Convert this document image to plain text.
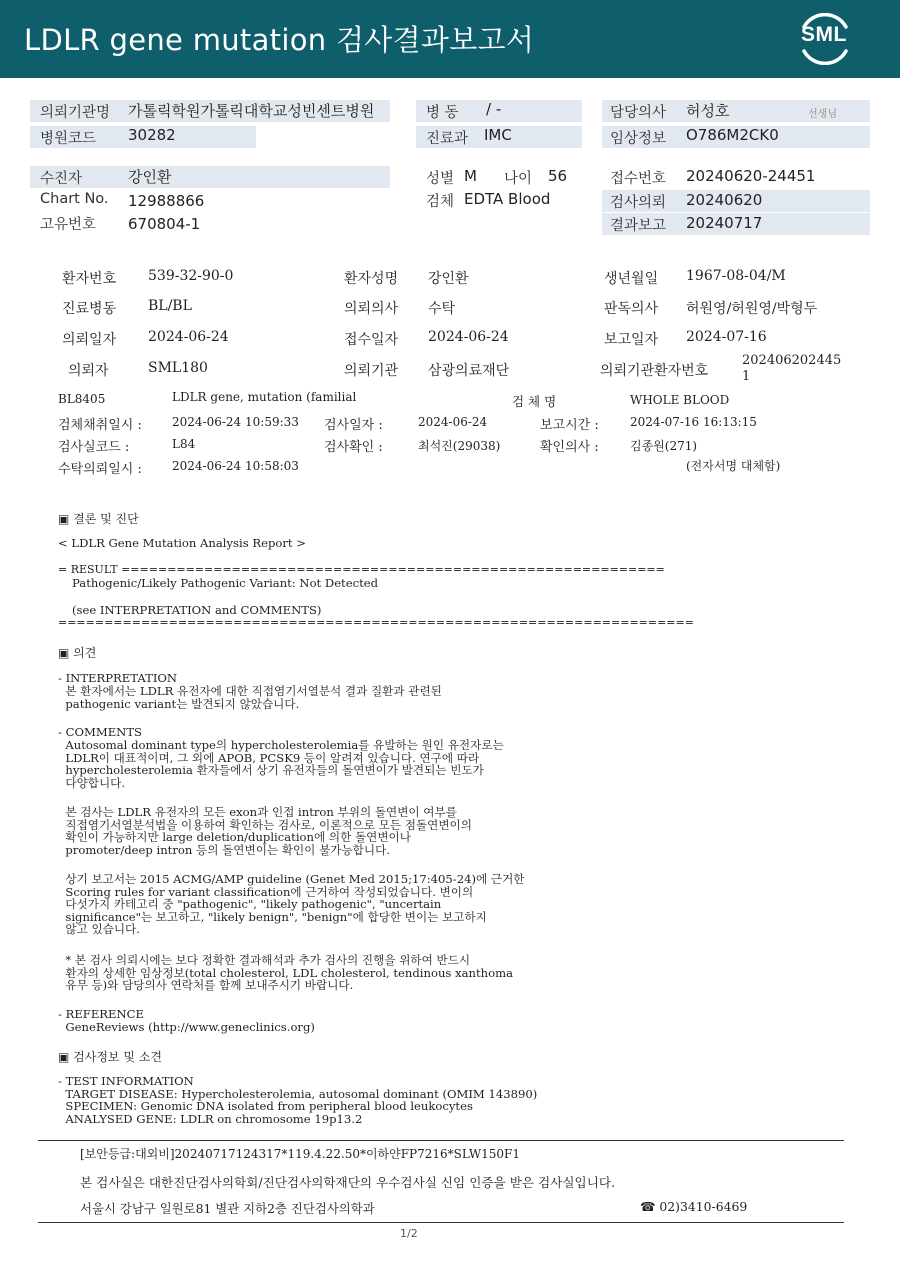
LDLR gene mutation 검사결과보고서	SML
의뢰기관명 가톨릭학원가톨릭대학교성빈센트병원
병원코드 30282
병 동 / -
진료과 IMC
담당의사 허성호	선생님
임상정보 O786M2CK0
수진자	강인환
Chart No. 12988866
고유번호 670804-1
성별 M 나이 56
검체 EDTA Blood
접수번호 20240620-24451
검사의뢰 20240620
결과보고 20240717
환자번호 539-32-90-0	환자성명 강인환	생년월일 1967-08-04/M
진료병동 BL/BL	의뢰의사 수탁	판독의사 허원영/허원영/박형두
의뢰일자 2024-06-24	접수일자 2024-06-24	보고일자 2024-07-16
의뢰자	SML180	의뢰기관 삼광의료재단	의뢰기관환자번호
202406202445
1
BL8405	LDLR gene, mutation (familial	검 체 명	WHOLE BLOOD
검체채취일시 :	2024-06-24 10:59:33 검사일자 :	2024-06-24	보고시간 :	2024-07-16 16:13:15
검사실코드 :	L84	검사확인 :	최석진(29038)	확인의사 :	김종원(271)
수탁의뢰일시 :	2024-06-24 10:58:03	(전자서명 대체함)
▣ 결론 및 진단
< LDLR Gene Mutation Analysis Report >
= RESULT ===========================================================
Pathogenic/Likely Pathogenic Variant: Not Detected
(see INTERPRETATION and COMMENTS)
=====================================================================
▣ 의견
- INTERPRETATION
본 환자에서는 LDLR 유전자에 대한 직접염기서열분석 결과 질환과 관련된
pathogenic variant는 발견되지 않았습니다.
- COMMENTS
Autosomal dominant type의 hypercholesterolemia를 유발하는 원인 유전자로는
LDLR이 대표적이며, 그 외에 APOB, PCSK9 등이 알려져 있습니다. 연구에 따라
hypercholesterolemia 환자들에서 상기 유전자들의 돌연변이가 발견되는 빈도가
다양합니다.
본 검사는 LDLR 유전자의 모든 exon과 인접 intron 부위의 돌연변이 여부를
직접염기서열분석법을 이용하여 확인하는 검사로, 이론적으로 모든 점돌연변이의
확인이 가능하지만 large deletion/duplication에 의한 돌연변이나
promoter/deep intron 등의 돌연변이는 확인이 불가능합니다.
상기 보고서는 2015 ACMG/AMP guideline (Genet Med 2015;17:405-24)에 근거한
Scoring rules for variant classification에 근거하여 작성되었습니다. 변이의
다섯가지 카테고리 중 "pathogenic", "likely pathogenic", "uncertain
significance"는 보고하고, "likely benign", "benign"에 합당한 변이는 보고하지
않고 있습니다.
* 본 검사 의뢰시에는 보다 정확한 결과해석과 추가 검사의 진행을 위하여 반드시
환자의 상세한 임상정보(total cholesterol, LDL cholesterol, tendinous xanthoma
유무 등)와 담당의사 연락처를 함께 보내주시기 바랍니다.
- REFERENCE
GeneReviews (http://www.geneclinics.org)
▣ 검사정보 및 소견
- TEST INFORMATION
TARGET DISEASE: Hypercholesterolemia, autosomal dominant (OMIM 143890)
SPECIMEN: Genomic DNA isolated from peripheral blood leukocytes
ANALYSED GENE: LDLR on chromosome 19p13.2
[보안등급:대외비]20240717124317*119.4.22.50*이하얀FP7216*SLW150F1
본 검사실은 대한진단검사의학회/진단검사의학재단의 우수검사실 신임 인증을 받은 검사실입니다.
서울시 강남구 일원로81 별관 지하2층 진단검사의학과	☎ 02)3410-6469
1/2
